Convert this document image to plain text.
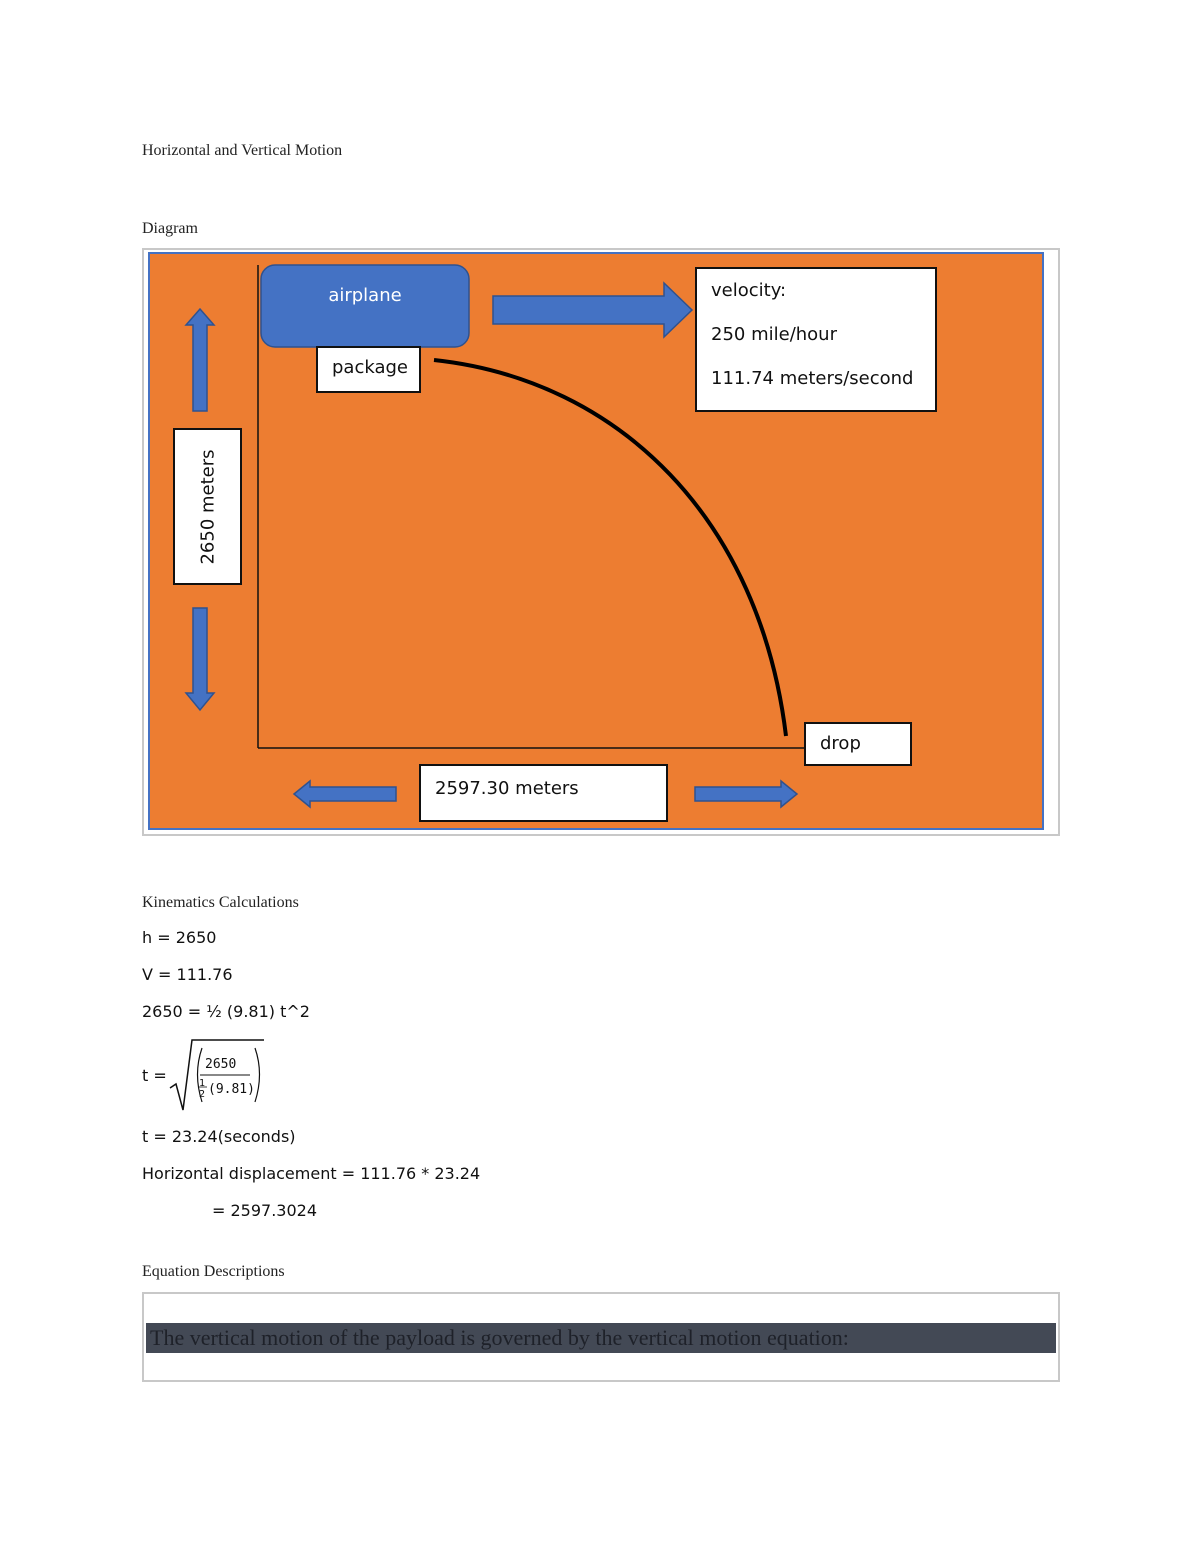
Horizontal and Vertical Motion
Diagram
airplane
package
velocity:
250 mile/hour
111.74 meters/second
2650 meters
2597.30 meters
drop
Kinematics Calculations
h = 2650
V = 111.76
2650 = ½ (9.81) t^2
t =
2650
1
2 (9.81)
t = 23.24(seconds)
Horizontal displacement = 111.76 * 23.24
= 2597.3024
Equation Descriptions
The vertical motion of the payload is governed by the vertical motion equation:
